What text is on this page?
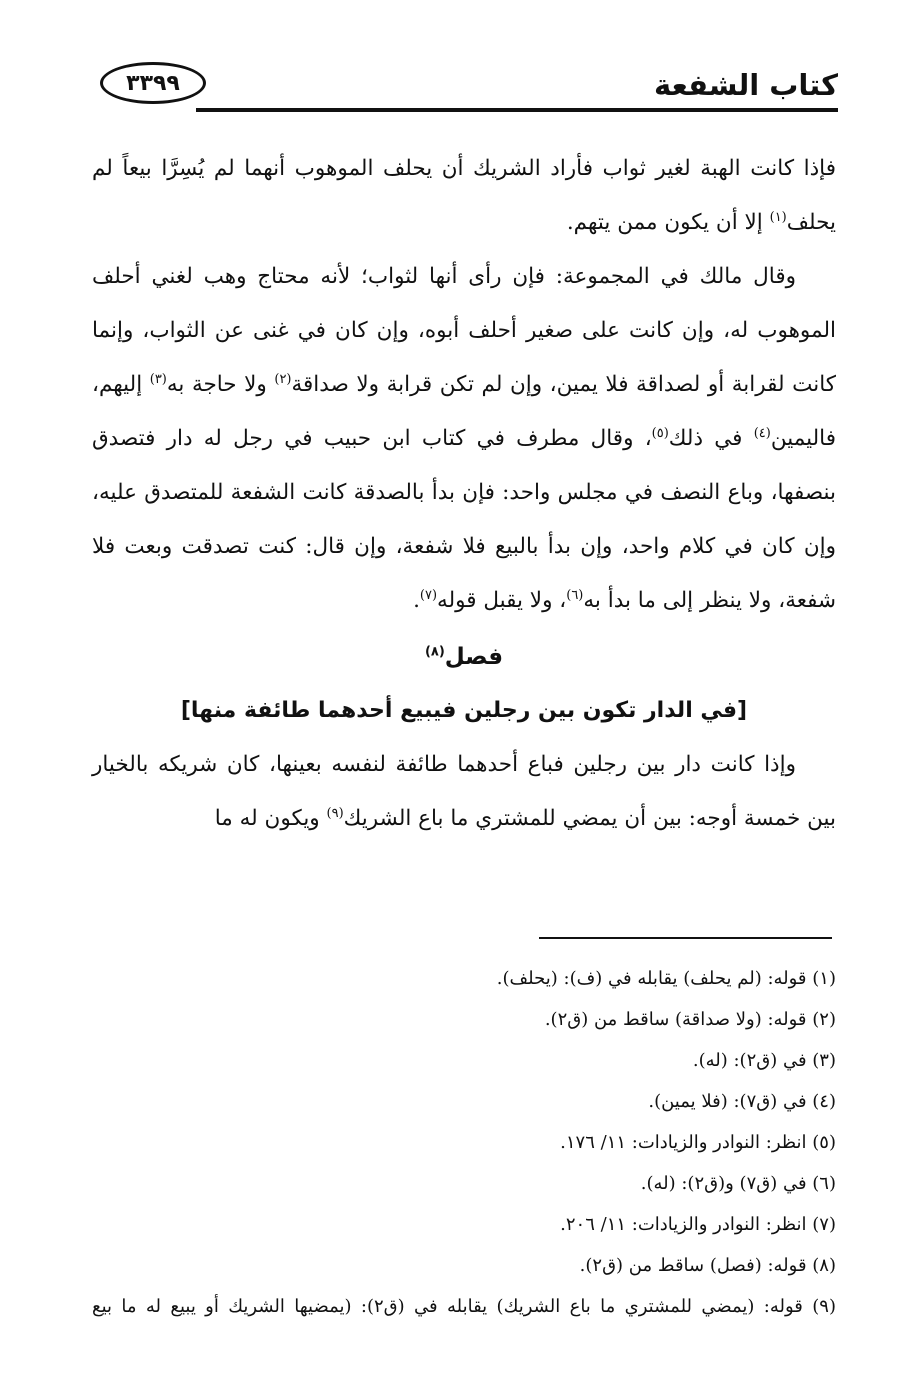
كتاب الشفعة
٣٣٩٩

فإذا كانت الهبة لغير ثواب فأراد الشريك أن يحلف الموهوب أنهما لم يُسِرَّا بيعاً لم يحلف$^{(١)}$ إلا أن يكون ممن يتهم.

وقال مالك في المجموعة: فإن رأى أنها لثواب؛ لأنه محتاج وهب لغني أحلف الموهوب له، وإن كانت على صغير أحلف أبوه، وإن كان في غنى عن الثواب، وإنما كانت لقرابة أو لصداقة فلا يمين، وإن لم تكن قرابة ولا صداقة$^{(٢)}$ ولا حاجة به$^{(٣)}$ إليهم، فاليمين$^{(٤)}$ في ذلك$^{(٥)}$، وقال مطرف في كتاب ابن حبيب في رجل له دار فتصدق بنصفها، وباع النصف في مجلس واحد: فإن بدأ بالصدقة كانت الشفعة للمتصدق عليه، وإن كان في كلام واحد، وإن بدأ بالبيع فلا شفعة، وإن قال: كنت تصدقت وبعت فلا شفعة، ولا ينظر إلى ما بدأ به$^{(٦)}$، ولا يقبل قوله$^{(٧)}$.

فصل$^{(٨)}$
[في الدار تكون بين رجلين فيبيع أحدهما طائفة منها]

وإذا كانت دار بين رجلين فباع أحدهما طائفة لنفسه بعينها، كان شريكه بالخيار بين خمسة أوجه: بين أن يمضي للمشتري ما باع الشريك$^{(٩)}$ ويكون له ما

(١) قوله: (لم يحلف) يقابله في (ف): (يحلف).

(٢) قوله: (ولا صداقة) ساقط من (ق٢).

(٣) في (ق٢): (له).

(٤) في (ق٧): (فلا يمين).

(٥) انظر: النوادر والزيادات: ١١/ ١٧٦.

(٦) في (ق٧) و(ق٢): (له).

(٧) انظر: النوادر والزيادات: ١١/ ٢٠٦.

(٨) قوله: (فصل) ساقط من (ق٢).

(٩) قوله: (يمضي للمشتري ما باع الشريك) يقابله في (ق٢): (يمضيها الشريك أو يبيع له ما بيع
